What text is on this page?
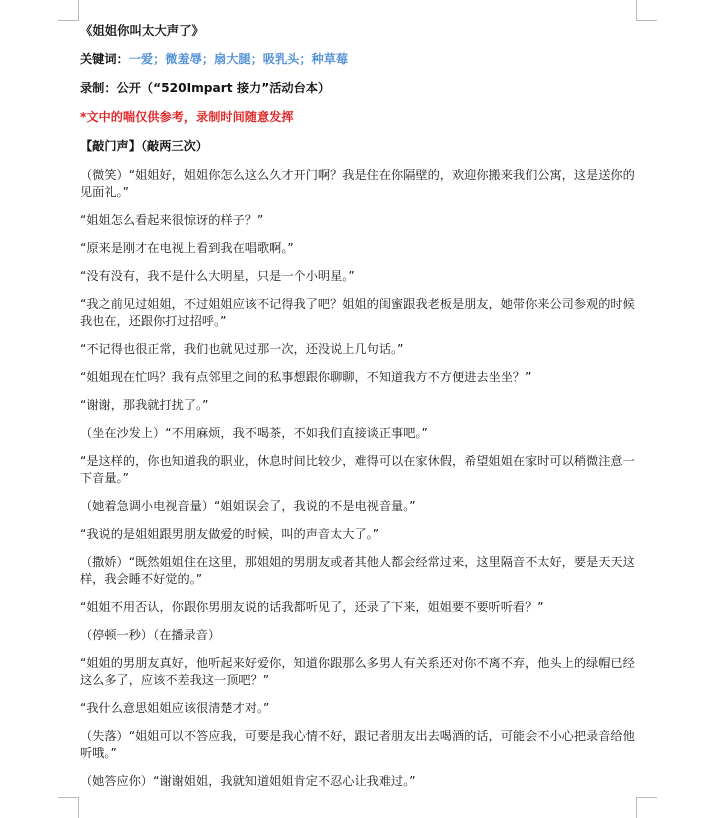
《姐姐你叫太大声了》

关键词：一爱；微羞辱；扇大腿；吸乳头；种草莓

录制：公开（“520Impart 接力”活动台本）

*文中的喘仅供参考，录制时间随意发挥

【敲门声】（敲两三次）

（微笑）“姐姐好，姐姐你怎么这么久才开门啊？我是住在你隔壁的，欢迎你搬来我们公寓，这是送你的见面礼。”

“姐姐怎么看起来很惊讶的样子？”

“原来是刚才在电视上看到我在唱歌啊。”

“没有没有，我不是什么大明星，只是一个小明星。”

“我之前见过姐姐，不过姐姐应该不记得我了吧？姐姐的闺蜜跟我老板是朋友，她带你来公司参观的时候我也在，还跟你打过招呼。”

“不记得也很正常，我们也就见过那一次，还没说上几句话。”

“姐姐现在忙吗？我有点邻里之间的私事想跟你聊聊，不知道我方不方便进去坐坐？”

“谢谢，那我就打扰了。”

（坐在沙发上）“不用麻烦，我不喝茶，不如我们直接谈正事吧。”

“是这样的，你也知道我的职业，休息时间比较少，难得可以在家休假，希望姐姐在家时可以稍微注意一下音量。”

（她着急调小电视音量）“姐姐误会了，我说的不是电视音量。”

“我说的是姐姐跟男朋友做爱的时候，叫的声音太大了。”

（撒娇）“既然姐姐住在这里，那姐姐的男朋友或者其他人都会经常过来，这里隔音不太好，要是天天这样，我会睡不好觉的。”

“姐姐不用否认，你跟你男朋友说的话我都听见了，还录了下来，姐姐要不要听听看？”

（停顿一秒）（在播录音）

“姐姐的男朋友真好，他听起来好爱你，知道你跟那么多男人有关系还对你不离不弃，他头上的绿帽已经这么多了，应该不差我这一顶吧？”

“我什么意思姐姐应该很清楚才对。”

（失落）“姐姐可以不答应我，可要是我心情不好，跟记者朋友出去喝酒的话，可能会不小心把录音给他听哦。”

（她答应你）“谢谢姐姐，我就知道姐姐肯定不忍心让我难过。”
